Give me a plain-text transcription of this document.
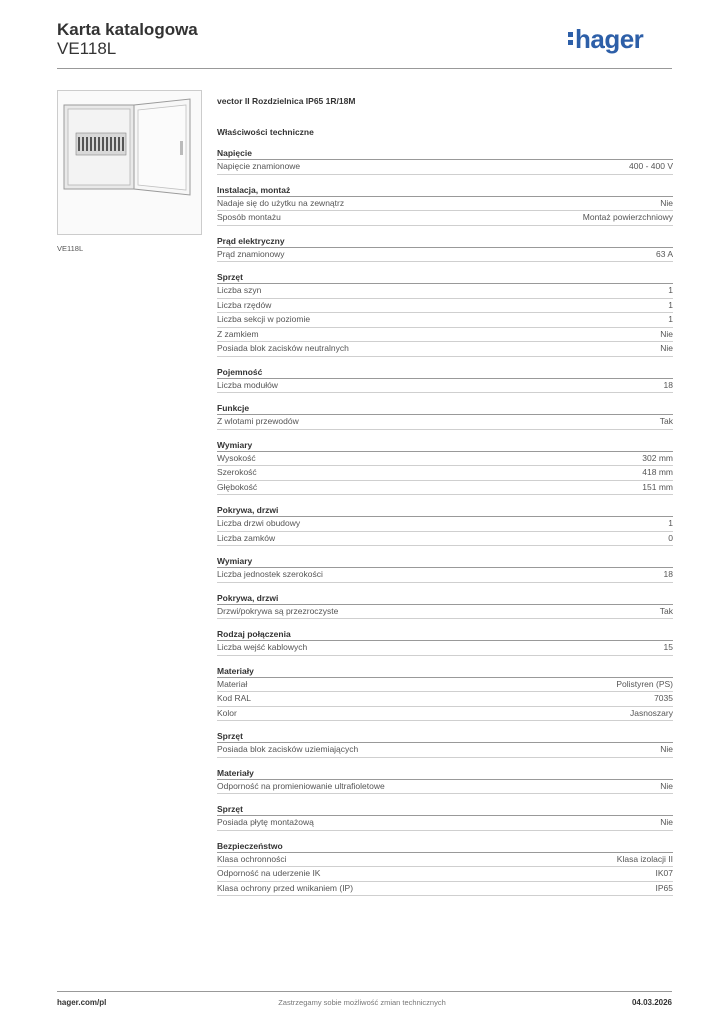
Karta katalogowa
VE118L	hager
VE118L
vector II Rozdzielnica IP65 1R/18M
Właściwości techniczne
Napięcie
Napięcie znamionowe	400 - 400 V
Instalacja, montaż
Nadaje się do użytku na zewnątrz	Nie
Sposób montażu	Montaż powierzchniowy
Prąd elektryczny
Prąd znamionowy	63 A
Sprzęt
Liczba szyn	1
Liczba rzędów	1
Liczba sekcji w poziomie	1
Z zamkiem	Nie
Posiada blok zacisków neutralnych	Nie
Pojemność
Liczba modułów	18
Funkcje
Z wlotami przewodów	Tak
Wymiary
Wysokość	302 mm
Szerokość	418 mm
Głębokość	151 mm
Pokrywa, drzwi
Liczba drzwi obudowy	1
Liczba zamków	0
Wymiary
Liczba jednostek szerokości	18
Pokrywa, drzwi
Drzwi/pokrywa są przezroczyste	Tak
Rodzaj połączenia
Liczba wejść kablowych	15
Materiały
Materiał	Polistyren (PS)
Kod RAL	7035
Kolor	Jasnoszary
Sprzęt
Posiada blok zacisków uziemiających	Nie
Materiały
Odporność na promieniowanie ultrafioletowe	Nie
Sprzęt
Posiada płytę montażową	Nie
Bezpieczeństwo
Klasa ochronności	Klasa izolacji II
Odporność na uderzenie IK	IK07
Klasa ochrony przed wnikaniem (IP)	IP65
hager.com/pl	Zastrzegamy sobie możliwość zmian technicznych	04.03.2026
